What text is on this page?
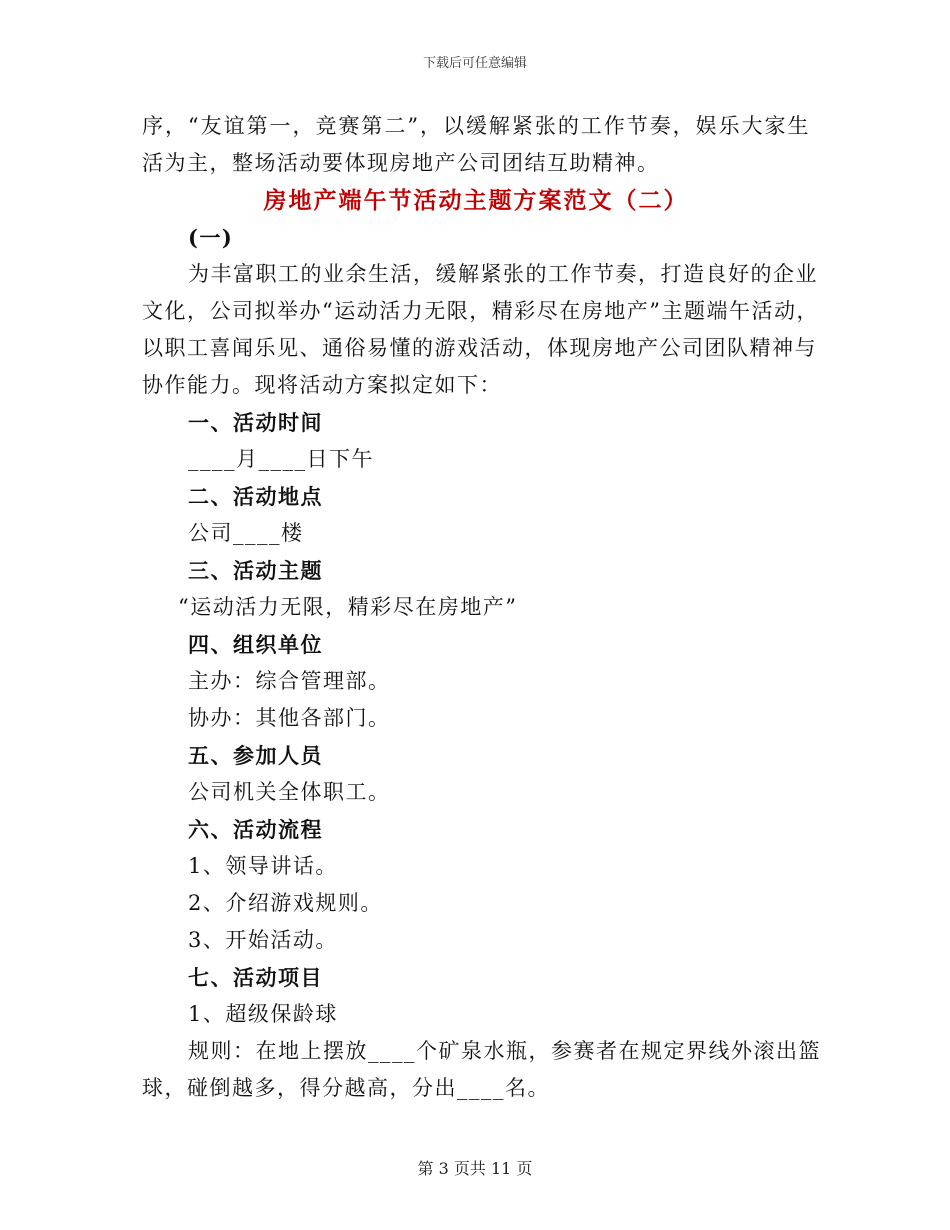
下载后可任意编辑
序，“友谊第一，竞赛第二”，以缓解紧张的工作节奏，娱乐大家生
活为主，整场活动要体现房地产公司团结互助精神。
房地产端午节活动主题方案范文（二）
(一)
为丰富职工的业余生活，缓解紧张的工作节奏，打造良好的企业
文化，公司拟举办“运动活力无限，精彩尽在房地产”主题端午活动，
以职工喜闻乐见、通俗易懂的游戏活动，体现房地产公司团队精神与
协作能力。现将活动方案拟定如下：
一、活动时间
____月____日下午
二、活动地点
公司____楼
三、活动主题
“运动活力无限，精彩尽在房地产”
四、组织单位
主办：综合管理部。
协办：其他各部门。
五、参加人员
公司机关全体职工。
六、活动流程
1、领导讲话。
2、介绍游戏规则。
3、开始活动。
七、活动项目
1、超级保龄球
规则：在地上摆放____个矿泉水瓶，参赛者在规定界线外滚出篮
球，碰倒越多，得分越高，分出____名。
第 3 页共 11 页
